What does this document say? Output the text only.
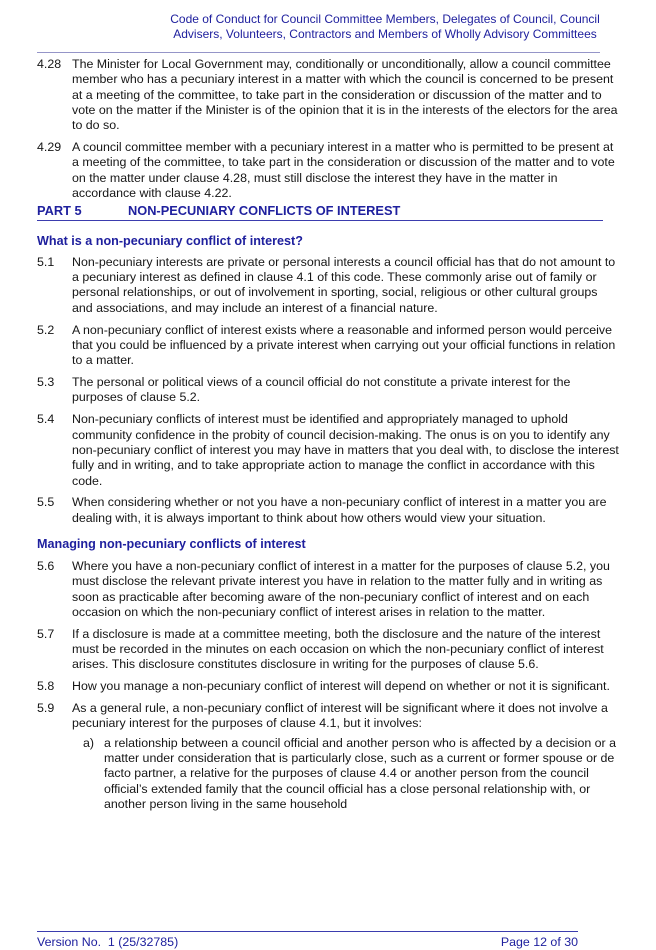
Code of Conduct for Council Committee Members, Delegates of Council, Council
Advisers, Volunteers, Contractors and Members of Wholly Advisory Committees
4.28 The Minister for Local Government may, conditionally or unconditionally, allow a council committee member who has a pecuniary interest in a matter with which the council is concerned to be present at a meeting of the committee, to take part in the consideration or discussion of the matter and to vote on the matter if the Minister is of the opinion that it is in the interests of the electors for the area to do so.
4.29 A council committee member with a pecuniary interest in a matter who is permitted to be present at a meeting of the committee, to take part in the consideration or discussion of the matter and to vote on the matter under clause 4.28, must still disclose the interest they have in the matter in accordance with clause 4.22.
PART 5	NON-PECUNIARY CONFLICTS OF INTEREST
What is a non-pecuniary conflict of interest?
5.1	Non-pecuniary interests are private or personal interests a council official has that do not amount to a pecuniary interest as defined in clause 4.1 of this code. These commonly arise out of family or personal relationships, or out of involvement in sporting, social, religious or other cultural groups and associations, and may include an interest of a financial nature.
5.2	A non-pecuniary conflict of interest exists where a reasonable and informed person would perceive that you could be influenced by a private interest when carrying out your official functions in relation to a matter.
5.3	The personal or political views of a council official do not constitute a private interest for the purposes of clause 5.2.
5.4	Non-pecuniary conflicts of interest must be identified and appropriately managed to uphold community confidence in the probity of council decision-making. The onus is on you to identify any non-pecuniary conflict of interest you may have in matters that you deal with, to disclose the interest fully and in writing, and to take appropriate action to manage the conflict in accordance with this code.
5.5	When considering whether or not you have a non-pecuniary conflict of interest in a matter you are dealing with, it is always important to think about how others would view your situation.
Managing non-pecuniary conflicts of interest
5.6	Where you have a non-pecuniary conflict of interest in a matter for the purposes of clause 5.2, you must disclose the relevant private interest you have in relation to the matter fully and in writing as soon as practicable after becoming aware of the non-pecuniary conflict of interest and on each occasion on which the non-pecuniary conflict of interest arises in relation to the matter.
5.7	If a disclosure is made at a committee meeting, both the disclosure and the nature of the interest must be recorded in the minutes on each occasion on which the non-pecuniary conflict of interest arises. This disclosure constitutes disclosure in writing for the purposes of clause 5.6.
5.8	How you manage a non-pecuniary conflict of interest will depend on whether or not it is significant.
5.9	As a general rule, a non-pecuniary conflict of interest will be significant where it does not involve a pecuniary interest for the purposes of clause 4.1, but it involves:
a) a relationship between a council official and another person who is affected by a decision or a matter under consideration that is particularly close, such as a current or former spouse or de facto partner, a relative for the purposes of clause 4.4 or another person from the council official’s extended family that the council official has a close personal relationship with, or another person living in the same household
Version No.  1 (25/32785)	Page 12 of 30
